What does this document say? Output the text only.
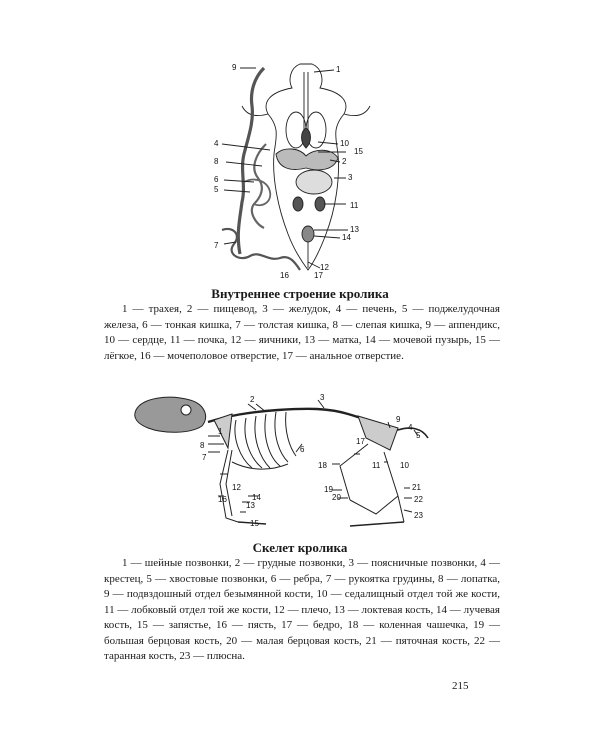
9	1
4	10
15
8	2
6	3
5
11
7
13
14
12
16	17
Внутреннее строение кролика

1 — трахея, 2 — пищевод, 3 — желудок, 4 — печень, 5 — поджелудочная железа, 6 — тонкая кишка, 7 — толстая кишка, 8 — слепая кишка, 9 — аппендикс, 10 — сердце, 11 — почка, 12 — яичники, 13 — матка, 14 — мочевой пузырь, 15 — лёгкое, 16 — мочеполовое отверстие, 17 — анальное отверстие.

1
2	3
4
5
6
7
8
9
10
11
12
13
14
15
16
17
18
19
20
21
22
23
Скелет кролика

1 — шейные позвонки, 2 — грудные позвонки, 3 — поясничные позвонки, 4 — крестец, 5 — хвостовые позвонки, 6 — ребра, 7 — рукоятка грудины, 8 — лопатка, 9 — подвздошный отдел безымянной кости, 10 — седалищный отдел той же кости, 11 — лобковый отдел той же кости, 12 — плечо, 13 — локтевая кость, 14 — лучевая кость, 15 — запястье, 16 — пясть, 17 — бедро, 18 — коленная чашечка, 19 — большая берцовая кость, 20 — малая берцовая кость, 21 — пяточная кость, 22 — таранная кость, 23 — плюсна.

215
